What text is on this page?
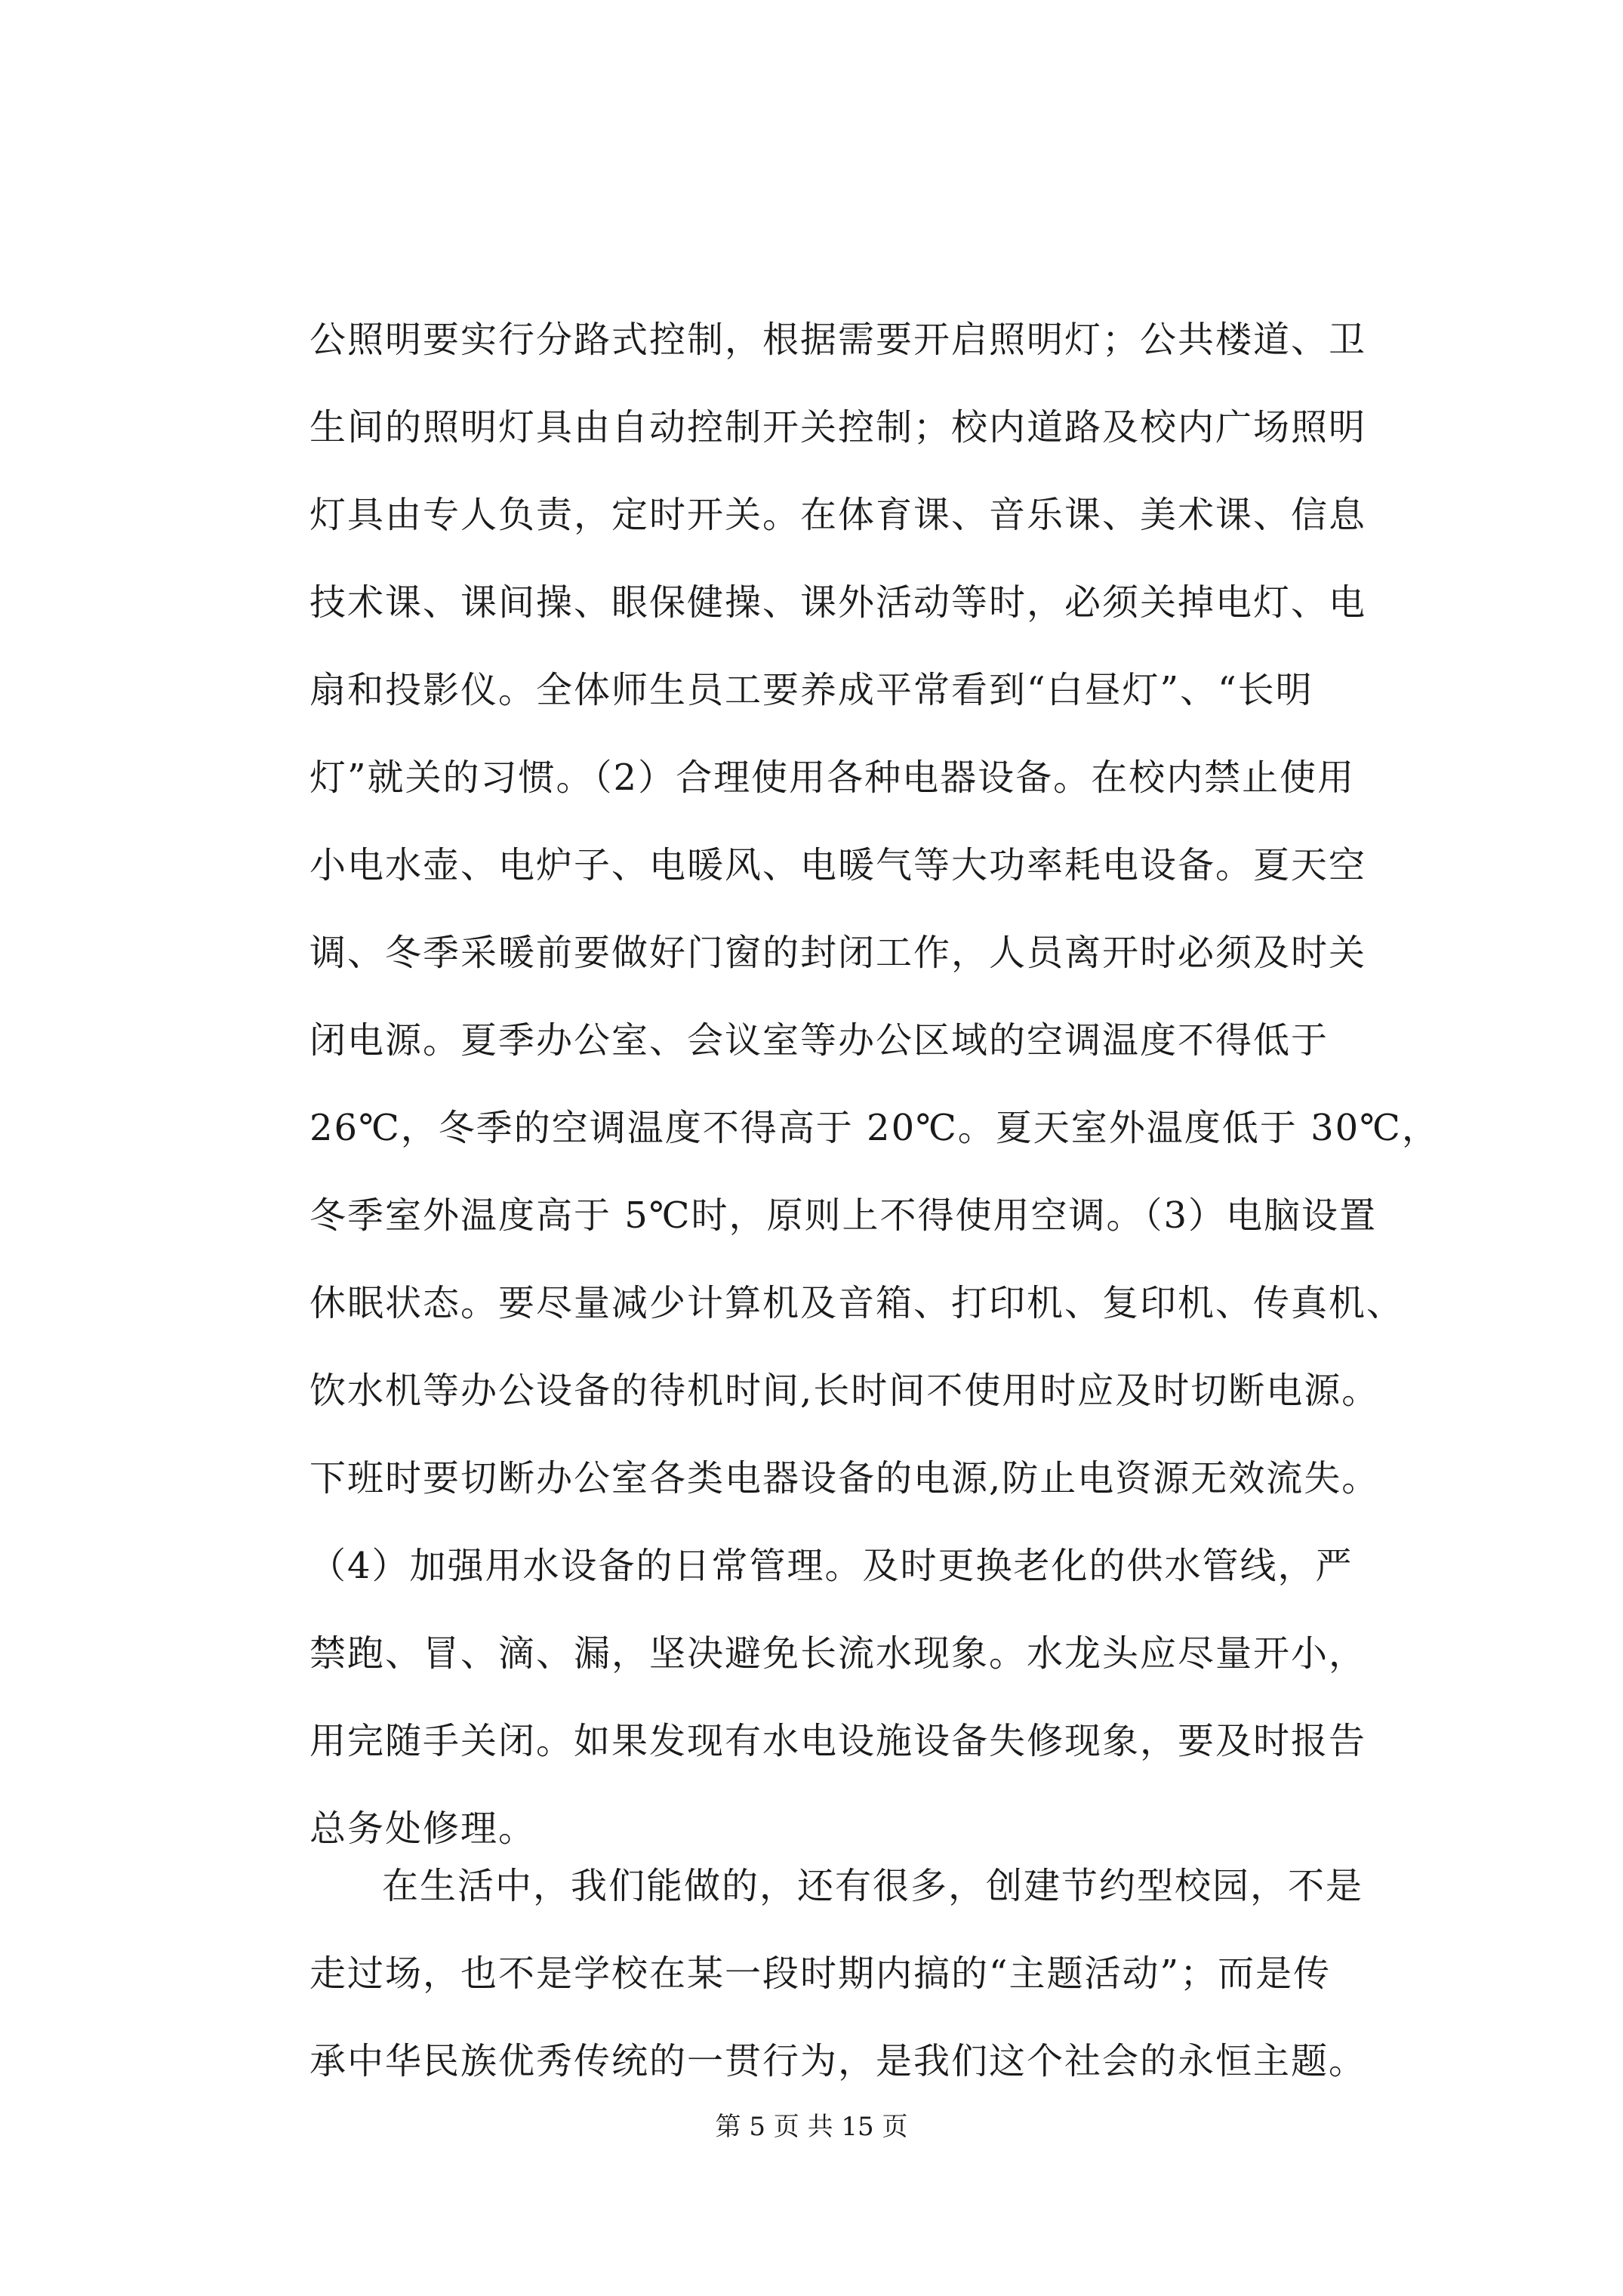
公照明要实行分路式控制，根据需要开启照明灯；公共楼道、卫
生间的照明灯具由自动控制开关控制；校内道路及校内广场照明
灯具由专人负责，定时开关。在体育课、音乐课、美术课、信息
技术课、课间操、眼保健操、课外活动等时，必须关掉电灯、电
扇和投影仪。全体师生员工要养成平常看到“白昼灯”、“长明
灯”就关的习惯。（2）合理使用各种电器设备。在校内禁止使用
小电水壶、电炉子、电暖风、电暖气等大功率耗电设备。夏天空
调、冬季采暖前要做好门窗的封闭工作，人员离开时必须及时关
闭电源。夏季办公室、会议室等办公区域的空调温度不得低于
26℃，冬季的空调温度不得高于 20℃。夏天室外温度低于 30℃，
冬季室外温度高于 5℃时，原则上不得使用空调。（3）电脑设置
休眠状态。要尽量减少计算机及音箱、打印机、复印机、传真机、
饮水机等办公设备的待机时间,长时间不使用时应及时切断电源。
下班时要切断办公室各类电器设备的电源,防止电资源无效流失。
（4）加强用水设备的日常管理。及时更换老化的供水管线，严
禁跑、冒、滴、漏，坚决避免长流水现象。水龙头应尽量开小，
用完随手关闭。如果发现有水电设施设备失修现象，要及时报告
总务处修理。
在生活中，我们能做的，还有很多，创建节约型校园，不是
走过场，也不是学校在某一段时期内搞的“主题活动”；而是传
承中华民族优秀传统的一贯行为，是我们这个社会的永恒主题。
第 5 页 共 15 页
